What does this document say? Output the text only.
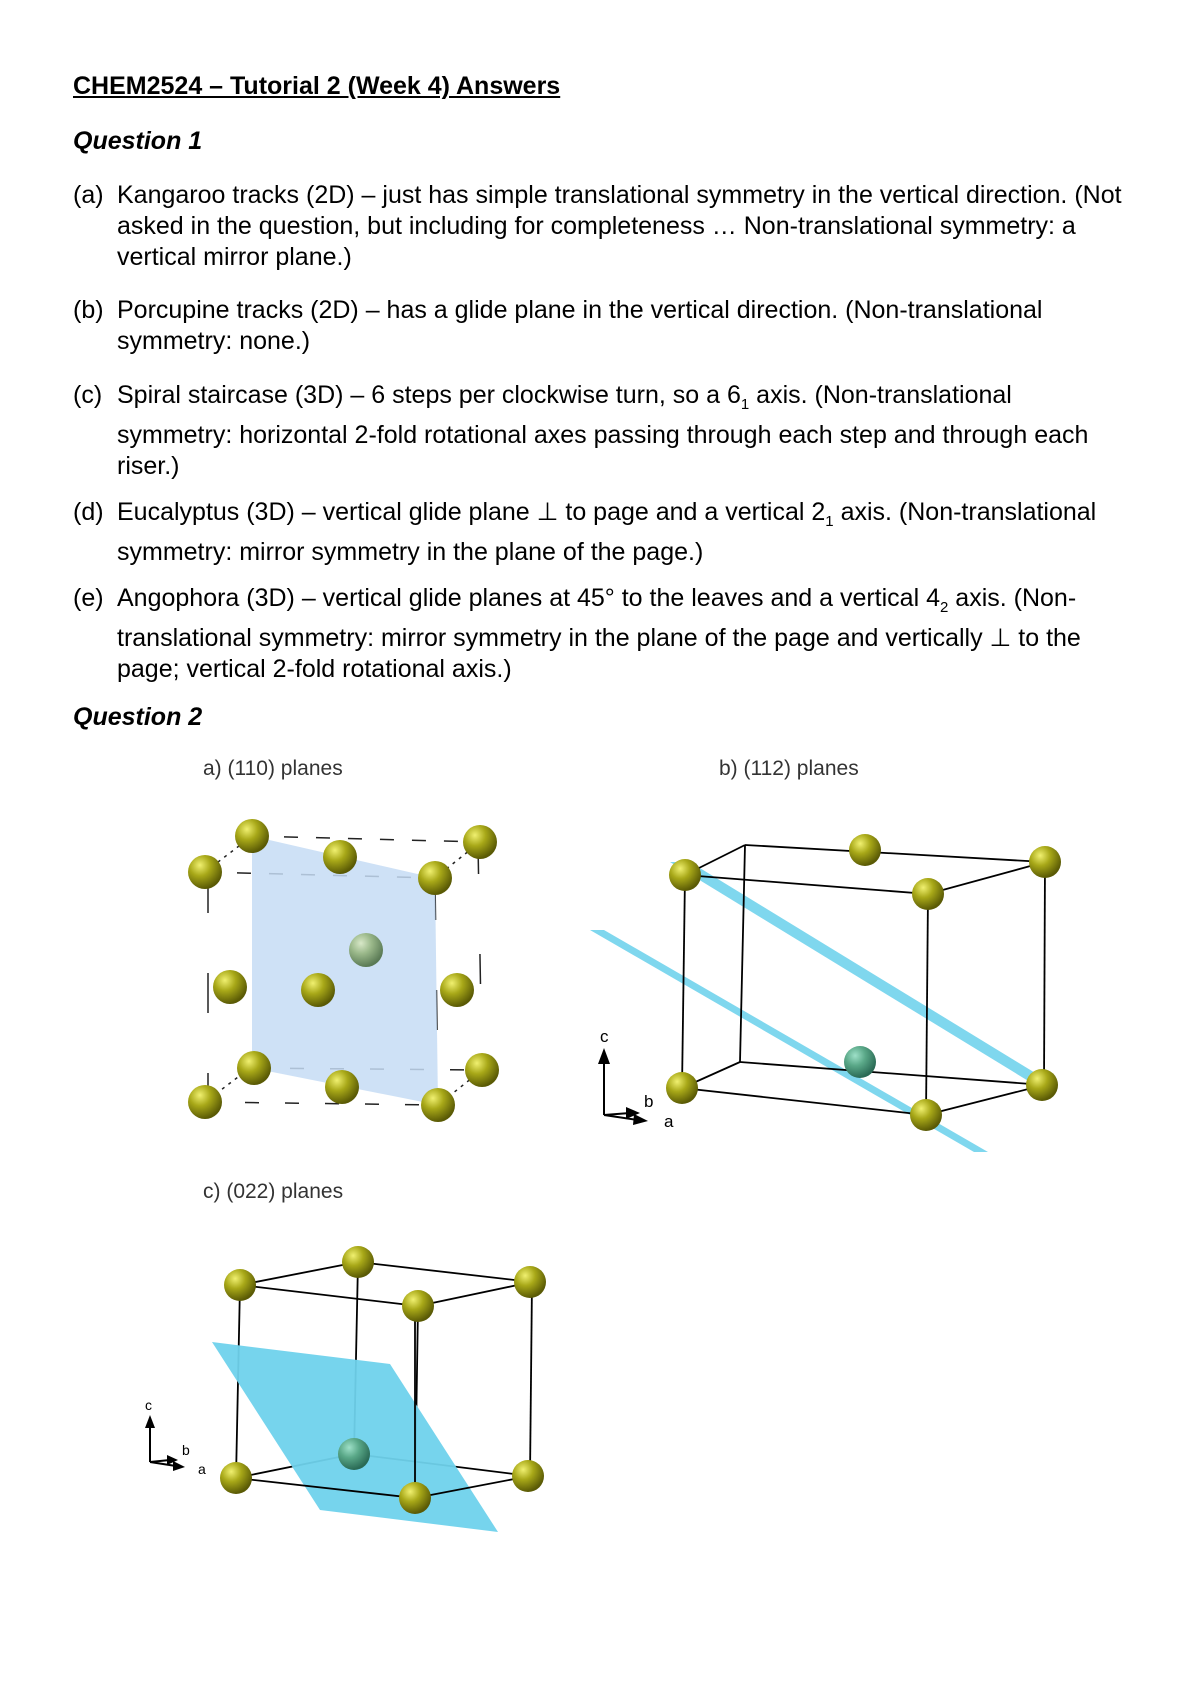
CHEM2524 – Tutorial 2 (Week 4) Answers
Question 1
(a) Kangaroo tracks (2D) – just has simple translational symmetry in the vertical direction. (Not asked in the question, but including for completeness … Non-translational symmetry: a vertical mirror plane.)
(b) Porcupine tracks (2D) – has a glide plane in the vertical direction. (Non-translational symmetry: none.)
(c) Spiral staircase (3D) – 6 steps per clockwise turn, so a $6_1$ axis. (Non-translational symmetry: horizontal 2-fold rotational axes passing through each step and through each riser.)
(d) Eucalyptus (3D) – vertical glide plane ⊥ to page and a vertical $2_1$ axis. (Non-translational symmetry: mirror symmetry in the plane of the page.)
(e) Angophora (3D) – vertical glide planes at 45° to the leaves and a vertical $4_2$ axis. (Non-translational symmetry: mirror symmetry in the plane of the page and vertically ⊥ to the page; vertical 2-fold rotational axis.)
Question 2
a) (110) planes	b) (112) planes
c) (022) planes
c
b
a
c
b
a
